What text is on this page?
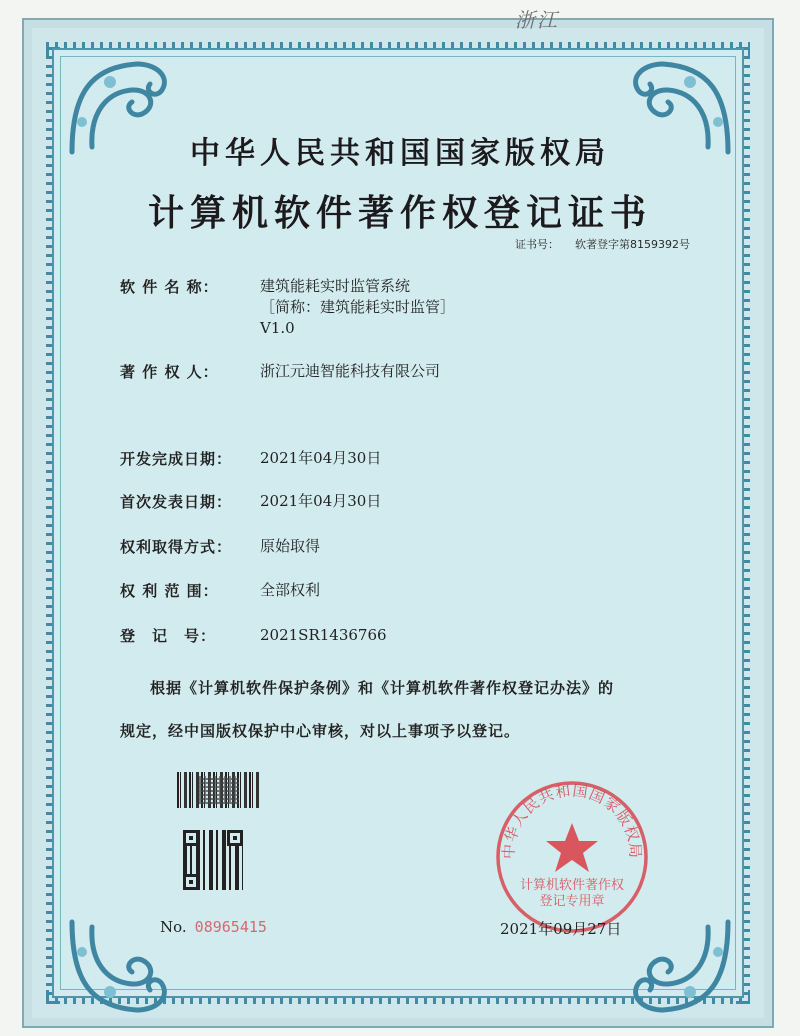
浙江
中华人民共和国国家版权局
计算机软件著作权登记证书
证书号： 软著登字第8159392号
软 件 名 称：	建筑能耗实时监管系统
［简称：建筑能耗实时监管］
V1.0
著 作 权 人：	浙江元迪智能科技有限公司
开发完成日期：	2021年04月30日
首次发表日期：	2021年04月30日
权利取得方式：	原始取得
权 利 范 围：	全部权利
登　记　号：	2021SR1436766
根据《计算机软件保护条例》和《计算机软件著作权登记办法》的
规定，经中国版权保护中心审核，对以上事项予以登记。
No. 08965415
中华人民共和国国家版权局
计算机软件著作权
登记专用章
2021年09月27日
